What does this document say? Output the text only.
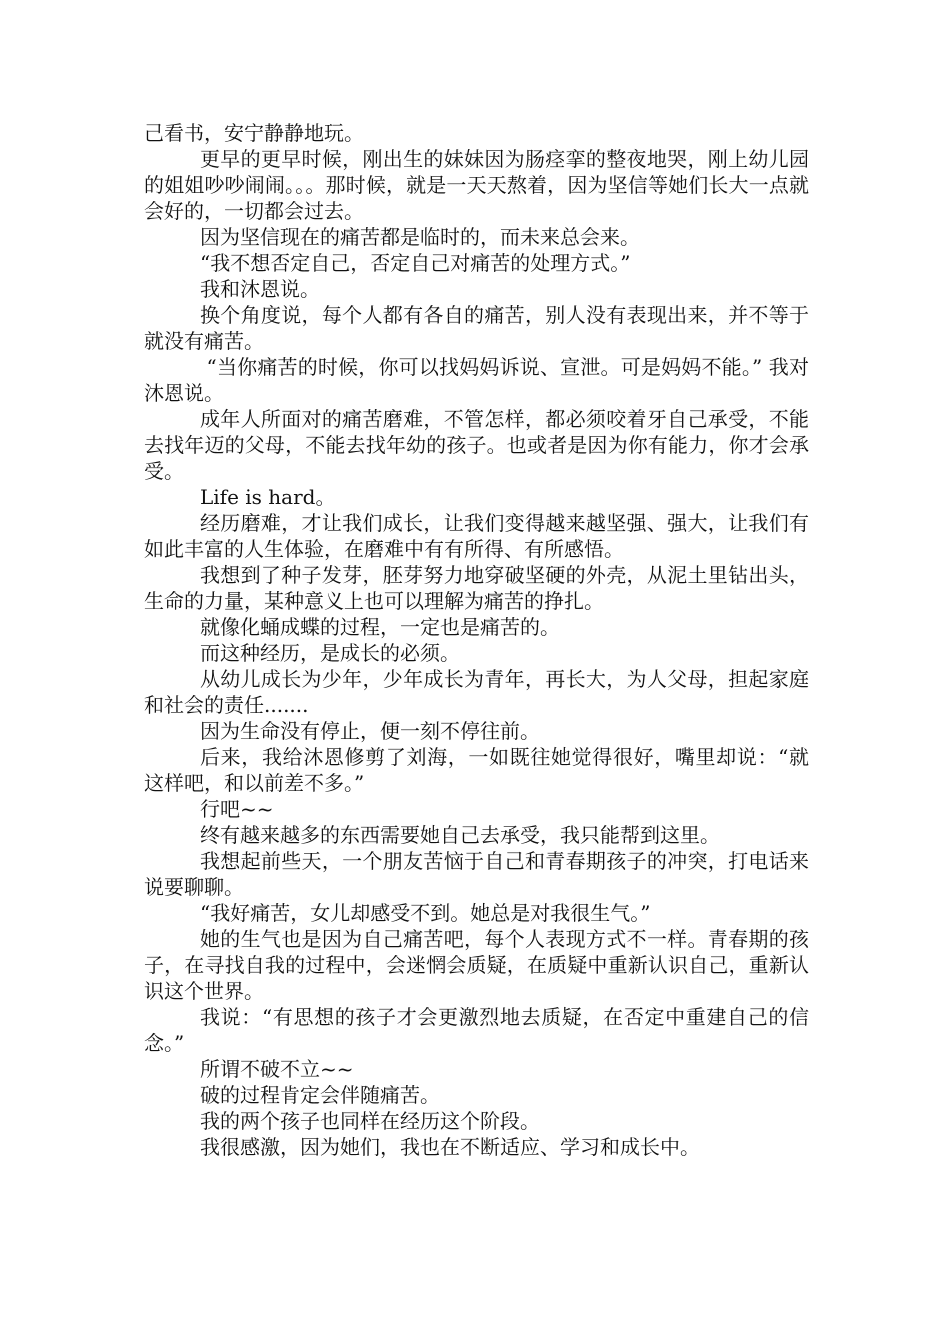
己看书，安宁静静地玩。

更早的更早时候，刚出生的妹妹因为肠痉挛的整夜地哭，刚上幼儿园的姐姐吵吵闹闹。。。那时候，就是一天天熬着，因为坚信等她们长大一点就会好的，一切都会过去。

因为坚信现在的痛苦都是临时的，而未来总会来。

“我不想否定自己，否定自己对痛苦的处理方式。”

我和沐恩说。

换个角度说，每个人都有各自的痛苦，别人没有表现出来，并不等于就没有痛苦。

“当你痛苦的时候，你可以找妈妈诉说、宣泄。可是妈妈不能。” 我对沐恩说。

成年人所面对的痛苦磨难，不管怎样，都必须咬着牙自己承受，不能去找年迈的父母，不能去找年幼的孩子。也或者是因为你有能力，你才会承受。

Life is hard。

经历磨难，才让我们成长，让我们变得越来越坚强、强大，让我们有如此丰富的人生体验，在磨难中有有所得、有所感悟。

我想到了种子发芽，胚芽努力地穿破坚硬的外壳，从泥土里钻出头，生命的力量，某种意义上也可以理解为痛苦的挣扎。

就像化蛹成蝶的过程，一定也是痛苦的。

而这种经历，是成长的必须。

从幼儿成长为少年，少年成长为青年，再长大，为人父母，担起家庭和社会的责任.......

因为生命没有停止，便一刻不停往前。

后来，我给沐恩修剪了刘海，一如既往她觉得很好，嘴里却说：“就这样吧，和以前差不多。”

行吧~~

终有越来越多的东西需要她自己去承受，我只能帮到这里。

我想起前些天，一个朋友苦恼于自己和青春期孩子的冲突，打电话来说要聊聊。

“我好痛苦，女儿却感受不到。她总是对我很生气。”

她的生气也是因为自己痛苦吧，每个人表现方式不一样。青春期的孩子，在寻找自我的过程中，会迷惘会质疑，在质疑中重新认识自己，重新认识这个世界。

我说：“有思想的孩子才会更激烈地去质疑，在否定中重建自己的信念。”

所谓不破不立~~

破的过程肯定会伴随痛苦。

我的两个孩子也同样在经历这个阶段。

我很感激，因为她们，我也在不断适应、学习和成长中。
